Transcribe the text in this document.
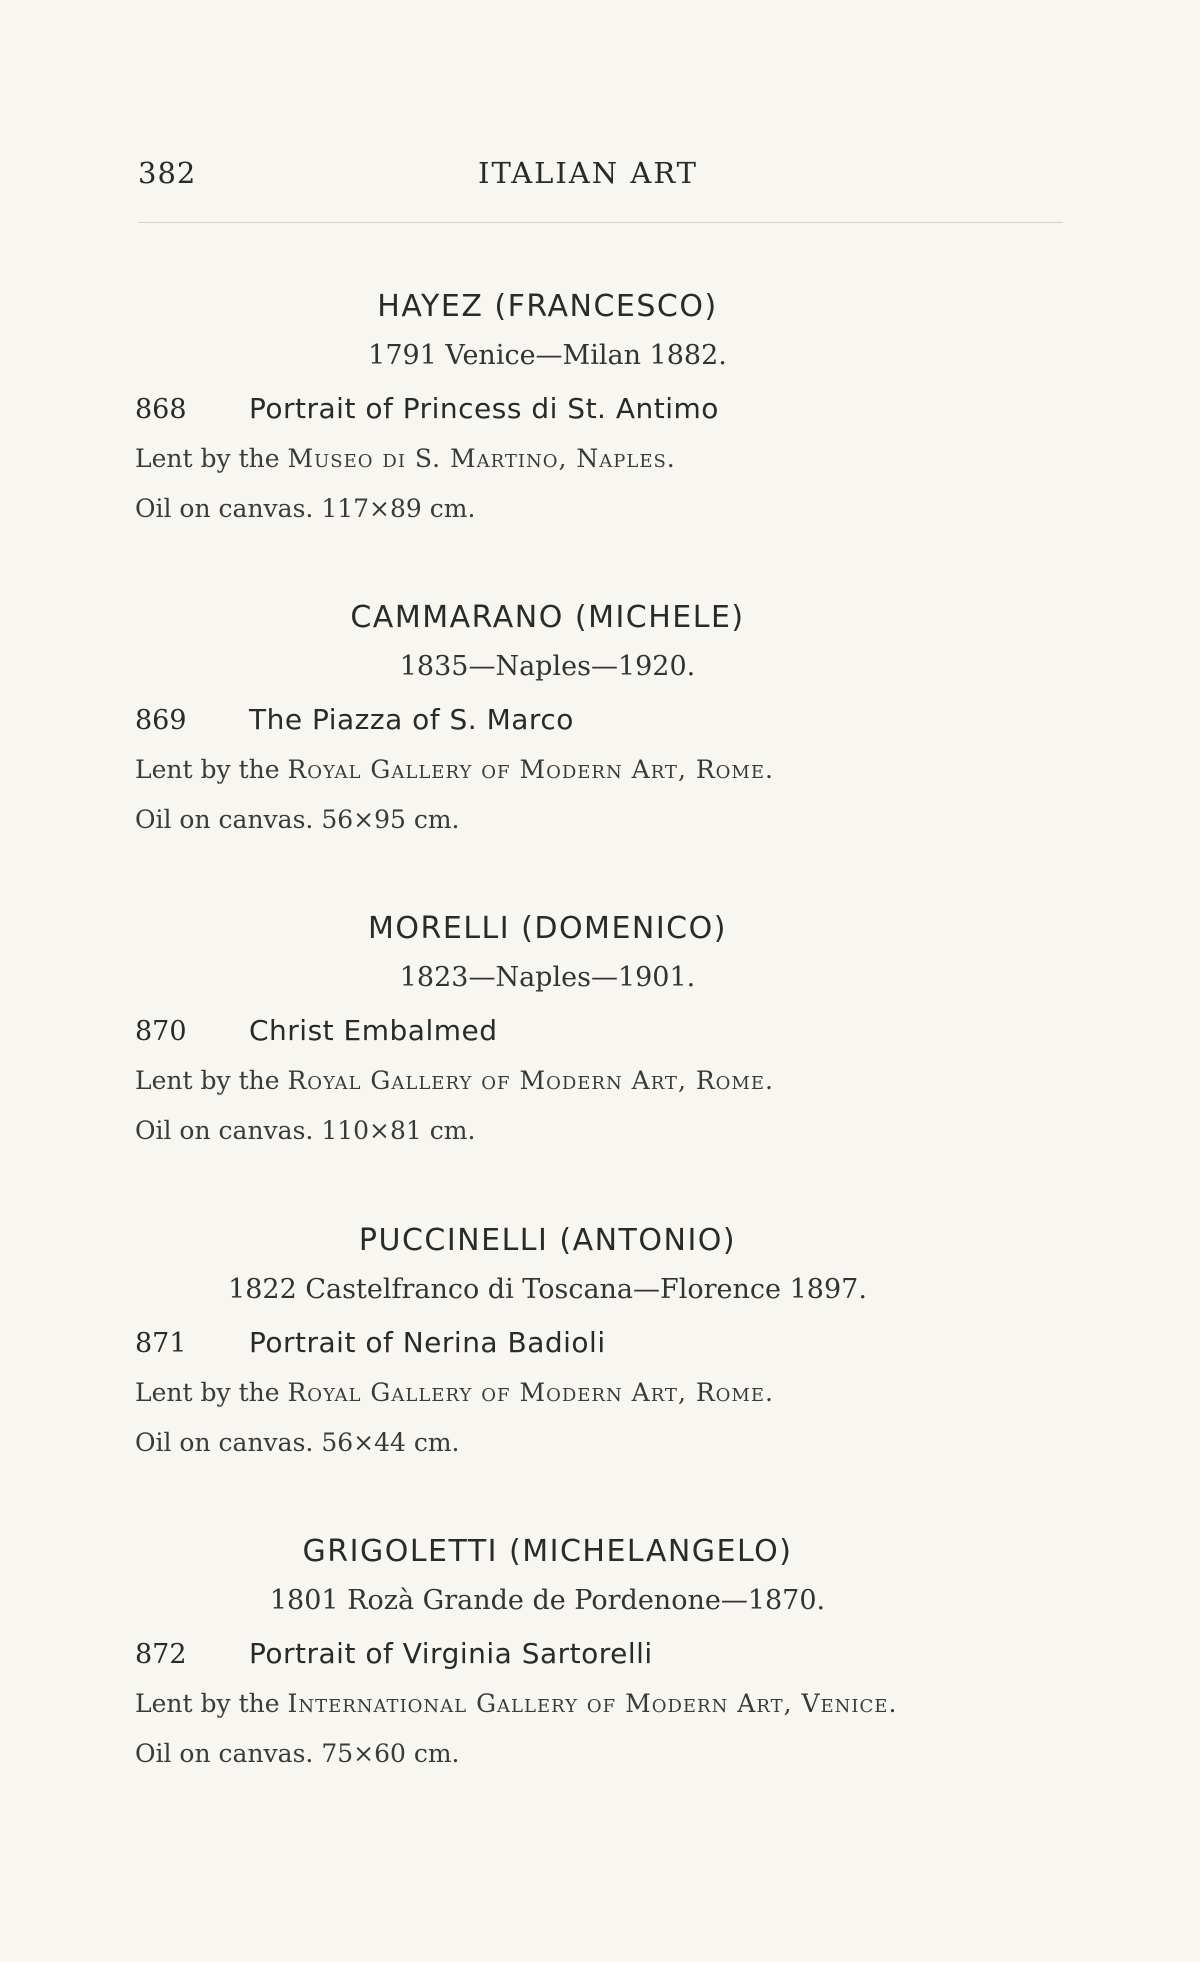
382	ITALIAN ART
HAYEZ (FRANCESCO)
1791 Venice—Milan 1882.
868 Portrait of Princess di St. Antimo
Lent by the Museo di S. Martino, Naples.
Oil on canvas. 117×89 cm.
CAMMARANO (MICHELE)
1835—Naples—1920.
869 The Piazza of S. Marco
Lent by the Royal Gallery of Modern Art, Rome.
Oil on canvas. 56×95 cm.
MORELLI (DOMENICO)
1823—Naples—1901.
870 Christ Embalmed
Lent by the Royal Gallery of Modern Art, Rome.
Oil on canvas. 110×81 cm.
PUCCINELLI (ANTONIO)
1822 Castelfranco di Toscana—Florence 1897.
871 Portrait of Nerina Badioli
Lent by the Royal Gallery of Modern Art, Rome.
Oil on canvas. 56×44 cm.
GRIGOLETTI (MICHELANGELO)
1801 Rozà Grande de Pordenone—1870.
872 Portrait of Virginia Sartorelli
Lent by the International Gallery of Modern Art, Venice.
Oil on canvas. 75×60 cm.
